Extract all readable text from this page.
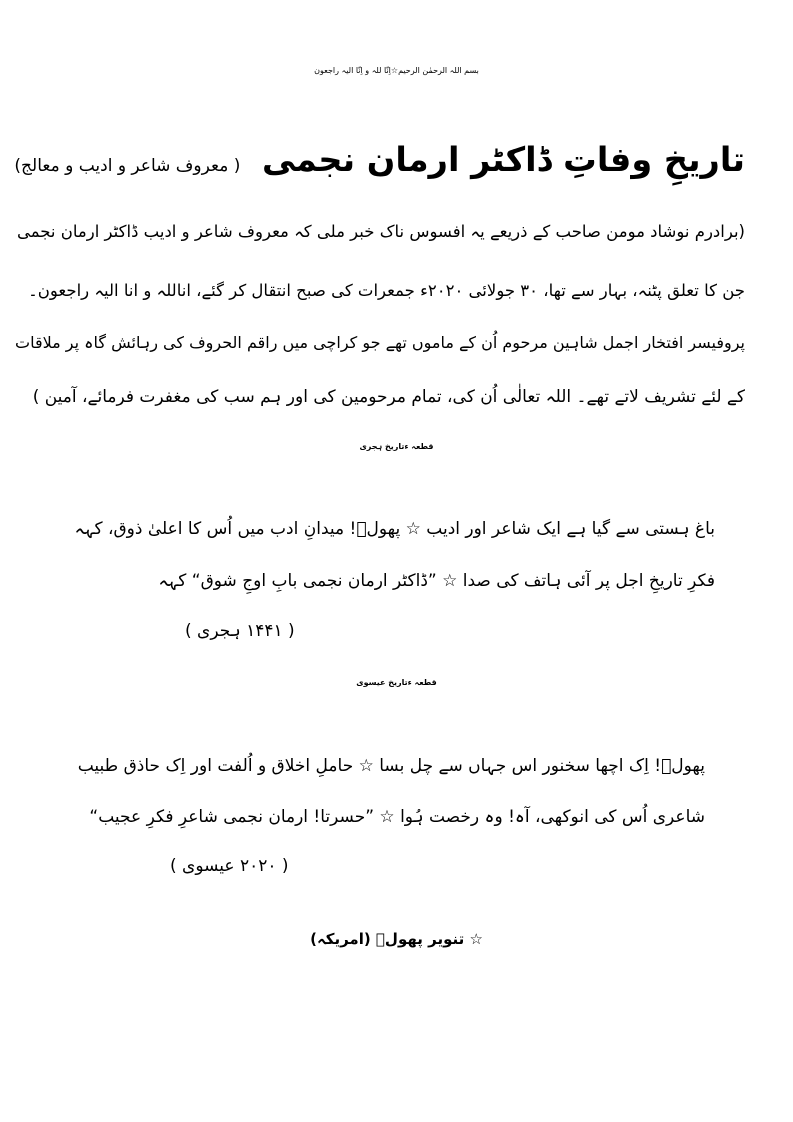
بسم اللہ الرحمٰن الرحیم☆اِنّا للہ و اِنّا الیہ راجعون
تاریخِ وفاتِ ڈاکٹر ارمان نجمی ( معروف شاعر و ادیب و معالج)
(برادرم نوشاد مومن صاحب کے ذریعے یہ افسوس ناک خبر ملی کہ معروف شاعر و ادیب ڈاکٹر ارمان نجمی
جن کا تعلق پٹنہ، بہار سے تھا، ۳۰ جولائی ۲۰۲۰ء جمعرات کی صبح انتقال کر گئے، اناللہ و انا الیہ راجعون۔
پروفیسر افتخار اجمل شاہین مرحوم اُن کے ماموں تھے جو کراچی میں راقم الحروف کی رہائش گاہ پر ملاقات
کے لئے تشریف لاتے تھے۔ اللہ تعالٰی اُن کی، تمام مرحومین کی اور ہم سب کی مغفرت فرمائے، آمین )
قطعہ ءتاریخ ہجری
باغ ہستی سے گیا ہے ایک شاعر اور ادیب ☆ پھولؔ! میدانِ ادب میں اُس کا اعلیٰ ذوق، کہہ
فکرِ تاریخِ اجل پر آئی ہاتف کی صدا ☆ ”ڈاکٹر ارمان نجمی بابِ اوجِ شوق“ کہہ
( ۱۴۴۱ ہجری )
قطعہ ءتاریخ عیسوی
پھولؔ! اِک اچھا سخنور اس جہاں سے چل بسا ☆ حاملِ اخلاق و اُلفت اور اِک حاذق طبیب
شاعری اُس کی انوکھی، آہ! وہ رخصت ہُوا ☆ ”حسرتا! ارمان نجمی شاعرِ فکرِ عجیب“
( ۲۰۲۰ عیسوی )
☆ تنویر پھولؔ (امریکہ)
